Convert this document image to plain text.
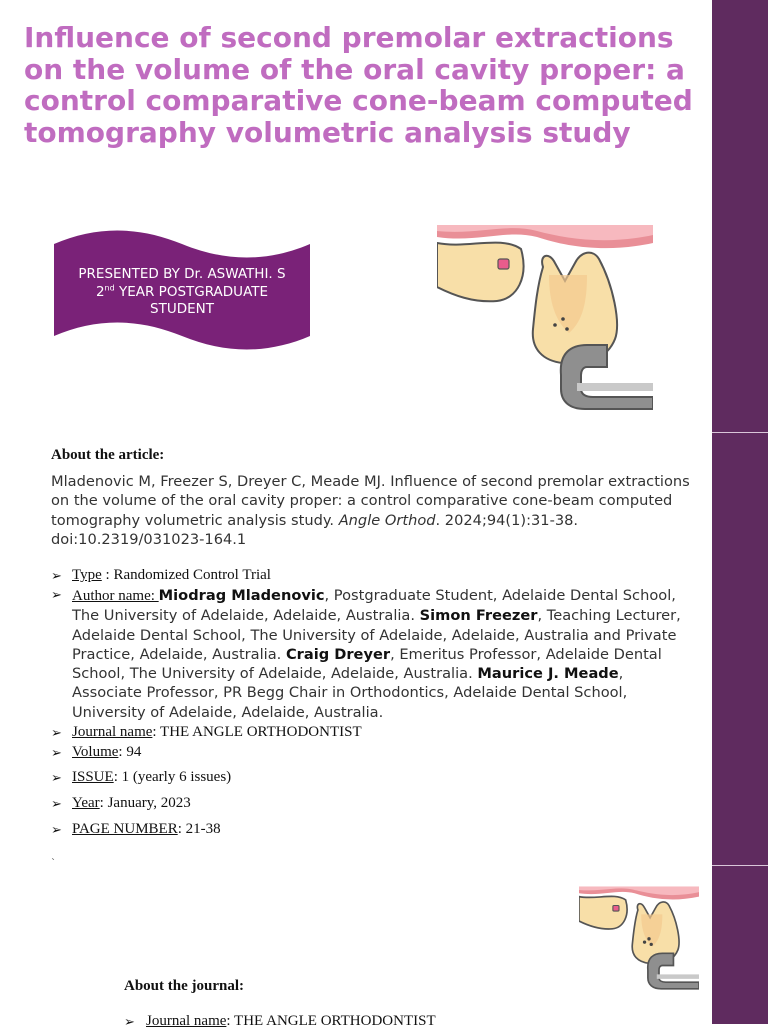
Influence of second premolar extractions on the volume of the oral cavity proper: a control comparative cone-beam computed tomography volumetric analysis study
PRESENTED BY Dr. ASWATHI. S
2nd YEAR POSTGRADUATE
STUDENT
About the article:

Mladenovic M, Freezer S, Dreyer C, Meade MJ. Influence of second premolar extractions on the volume of the oral cavity proper: a control comparative cone-beam computed tomography volumetric analysis study. Angle Orthod. 2024;94(1):31-38. doi:10.2319/031023-164.1

➢ Type : Randomized Control Trial
➢ Author name: Miodrag Mladenovic, Postgraduate Student, Adelaide Dental School, The University of Adelaide, Adelaide, Australia. Simon Freezer, Teaching Lecturer, Adelaide Dental School, The University of Adelaide, Adelaide, Australia and Private Practice, Adelaide, Australia. Craig Dreyer, Emeritus Professor, Adelaide Dental School, The University of Adelaide, Adelaide, Australia. Maurice J. Meade, Associate Professor, PR Begg Chair in Orthodontics, Adelaide Dental School, University of Adelaide, Adelaide, Australia.
➢ Journal name: THE ANGLE ORTHODONTIST
➢ Volume: 94
➢ ISSUE: 1 (yearly 6 issues)
➢ Year: January, 2023
➢ PAGE NUMBER: 21-38
`
About the journal:
➢ Journal name: THE ANGLE ORTHODONTIST
